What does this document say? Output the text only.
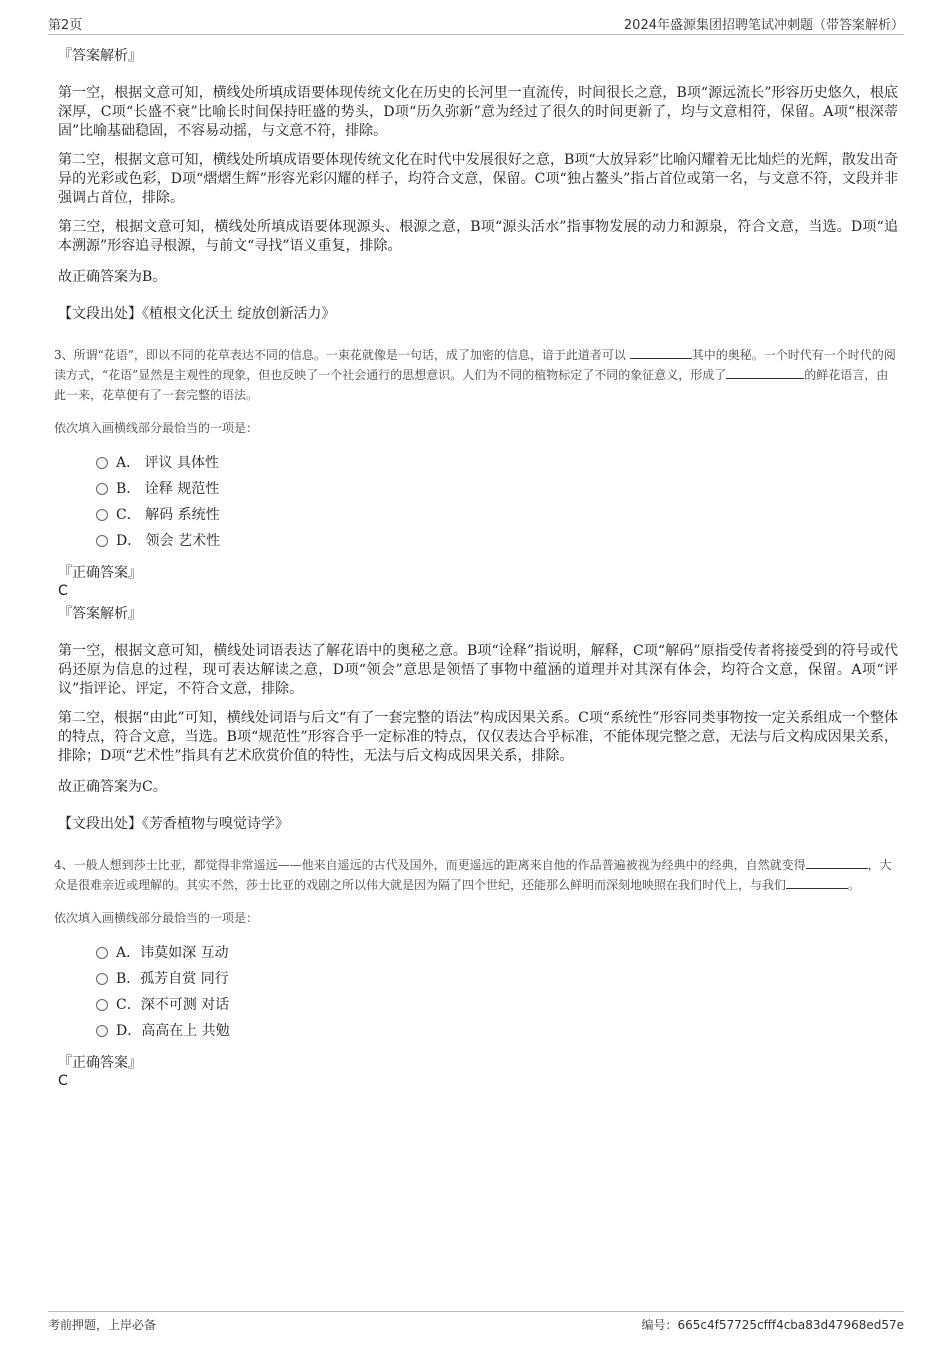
第2页	2024年盛源集团招聘笔试冲刺题（带答案解析）
『答案解析』

第一空，根据文意可知，横线处所填成语要体现传统文化在历史的长河里一直流传，时间很长之意，B项“源远流长”形容历史悠久，根底深厚，C项“长盛不衰”比喻长时间保持旺盛的势头，D项“历久弥新”意为经过了很久的时间更新了，均与文意相符，保留。A项“根深蒂固”比喻基础稳固，不容易动摇，与文意不符，排除。

第二空，根据文意可知，横线处所填成语要体现传统文化在时代中发展很好之意，B项“大放异彩”比喻闪耀着无比灿烂的光辉，散发出奇异的光彩或色彩，D项“熠熠生辉”形容光彩闪耀的样子，均符合文意，保留。C项“独占鳌头”指占首位或第一名，与文意不符，文段并非强调占首位，排除。

第三空，根据文意可知，横线处所填成语要体现源头、根源之意，B项“源头活水”指事物发展的动力和源泉，符合文意，当选。D项“追本溯源”形容追寻根源，与前文“寻找”语义重复，排除。

故正确答案为B。

【文段出处】《植根文化沃土 绽放创新活力》

3、所谓“花语”，即以不同的花草表达不同的信息。一束花就像是一句话，成了加密的信息，谙于此道者可以	其中的奥秘。一个时代有一个时代的阅读方式，“花语”显然是主观性的现象，但也反映了一个社会通行的思想意识。人们为不同的植物标定了不同的象征意义，形成了	的鲜花语言，由此一来，花草便有了一套完整的语法。
依次填入画横线部分最恰当的一项是：
A． 评议 具体性
B． 诠释 规范性
C． 解码 系统性
D． 领会 艺术性
『正确答案』
C
『答案解析』

第一空，根据文意可知，横线处词语表达了解花语中的奥秘之意。B项“诠释”指说明，解释，C项“解码”原指受传者将接受到的符号或代码还原为信息的过程，现可表达解读之意，D项“领会”意思是领悟了事物中蕴涵的道理并对其深有体会，均符合文意，保留。A项“评议”指评论、评定，不符合文意，排除。

第二空，根据“由此”可知，横线处词语与后文“有了一套完整的语法”构成因果关系。C项“系统性”形容同类事物按一定关系组成一个整体的特点，符合文意，当选。B项“规范性”形容合乎一定标准的特点，仅仅表达合乎标准，不能体现完整之意，无法与后文构成因果关系，排除；D项“艺术性”指具有艺术欣赏价值的特性，无法与后文构成因果关系，排除。

故正确答案为C。

【文段出处】《芳香植物与嗅觉诗学》

4、一般人想到莎士比亚，都觉得非常遥远——他来自遥远的古代及国外，而更遥远的距离来自他的作品普遍被视为经典中的经典，自然就变得	，大众是很难亲近或理解的。其实不然，莎士比亚的戏剧之所以伟大就是因为隔了四个世纪，还能那么鲜明而深刻地映照在我们时代上，与我们	。
依次填入画横线部分最恰当的一项是：
A．讳莫如深 互动
B．孤芳自赏 同行
C．深不可测 对话
D．高高在上 共勉
『正确答案』
C
考前押题，上岸必备	编号：665c4f57725cfff4cba83d47968ed57e
